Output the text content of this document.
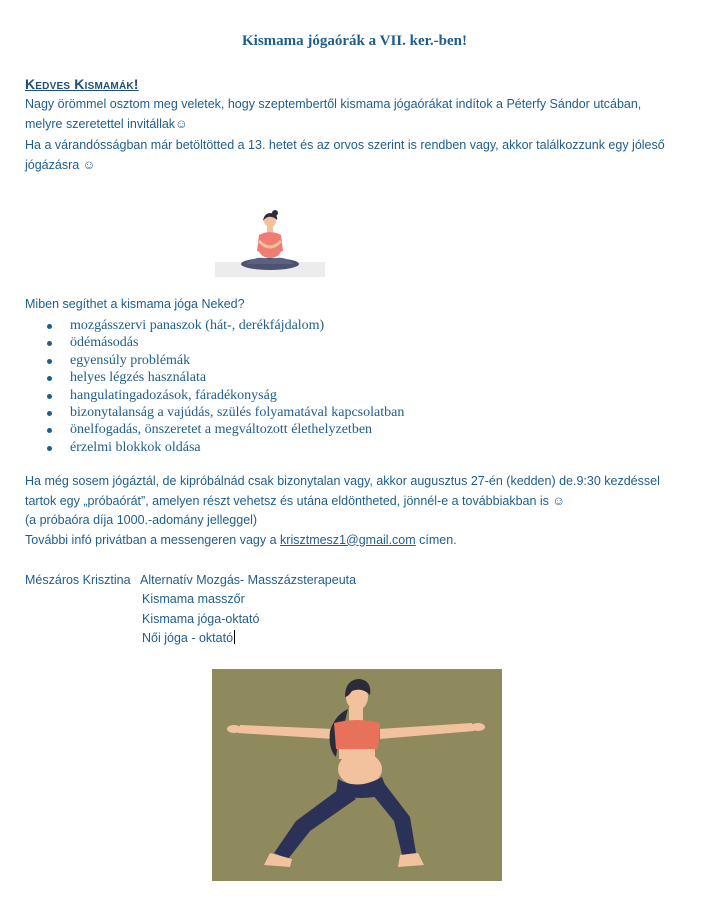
Kismama jógaórák a VII. ker.-ben!
Kedves Kismamák!
Nagy örömmel osztom meg veletek, hogy szeptembertől kismama jógaórákat indítok a Péterfy Sándor utcában,
melyre szeretettel invitállak☺
Ha a várandósságban már betöltötted a 13. hetet és az orvos szerint is rendben vagy, akkor találkozzunk egy jóleső
jógázásra ☺
Miben segíthet a kismama jóga Neked?
mozgásszervi panaszok (hát-, derékfájdalom)
ödémásodás
egyensúly problémák
helyes légzés használata
hangulatingadozások, fáradékonyság
bizonytalanság a vajúdás, szülés folyamatával kapcsolatban
önelfogadás, önszeretet a megváltozott élethelyzetben
érzelmi blokkok oldása
Ha még sosem jógáztál, de kipróbálnád csak bizonytalan vagy, akkor augusztus 27-én (kedden) de.9:30 kezdéssel
tartok egy „próbaórát”, amelyen részt vehetsz és utána eldöntheted, jönnél-e a továbbiakban is ☺
(a próbaóra díja 1000.-adomány jelleggel)
További infó privátban a messengeren vagy a krisztmesz1@gmail.com címen.
Mészáros Krisztina Alternatív Mozgás- Masszázsterapeuta
Kismama masszőr
Kismama jóga-oktató
Női jóga - oktató
